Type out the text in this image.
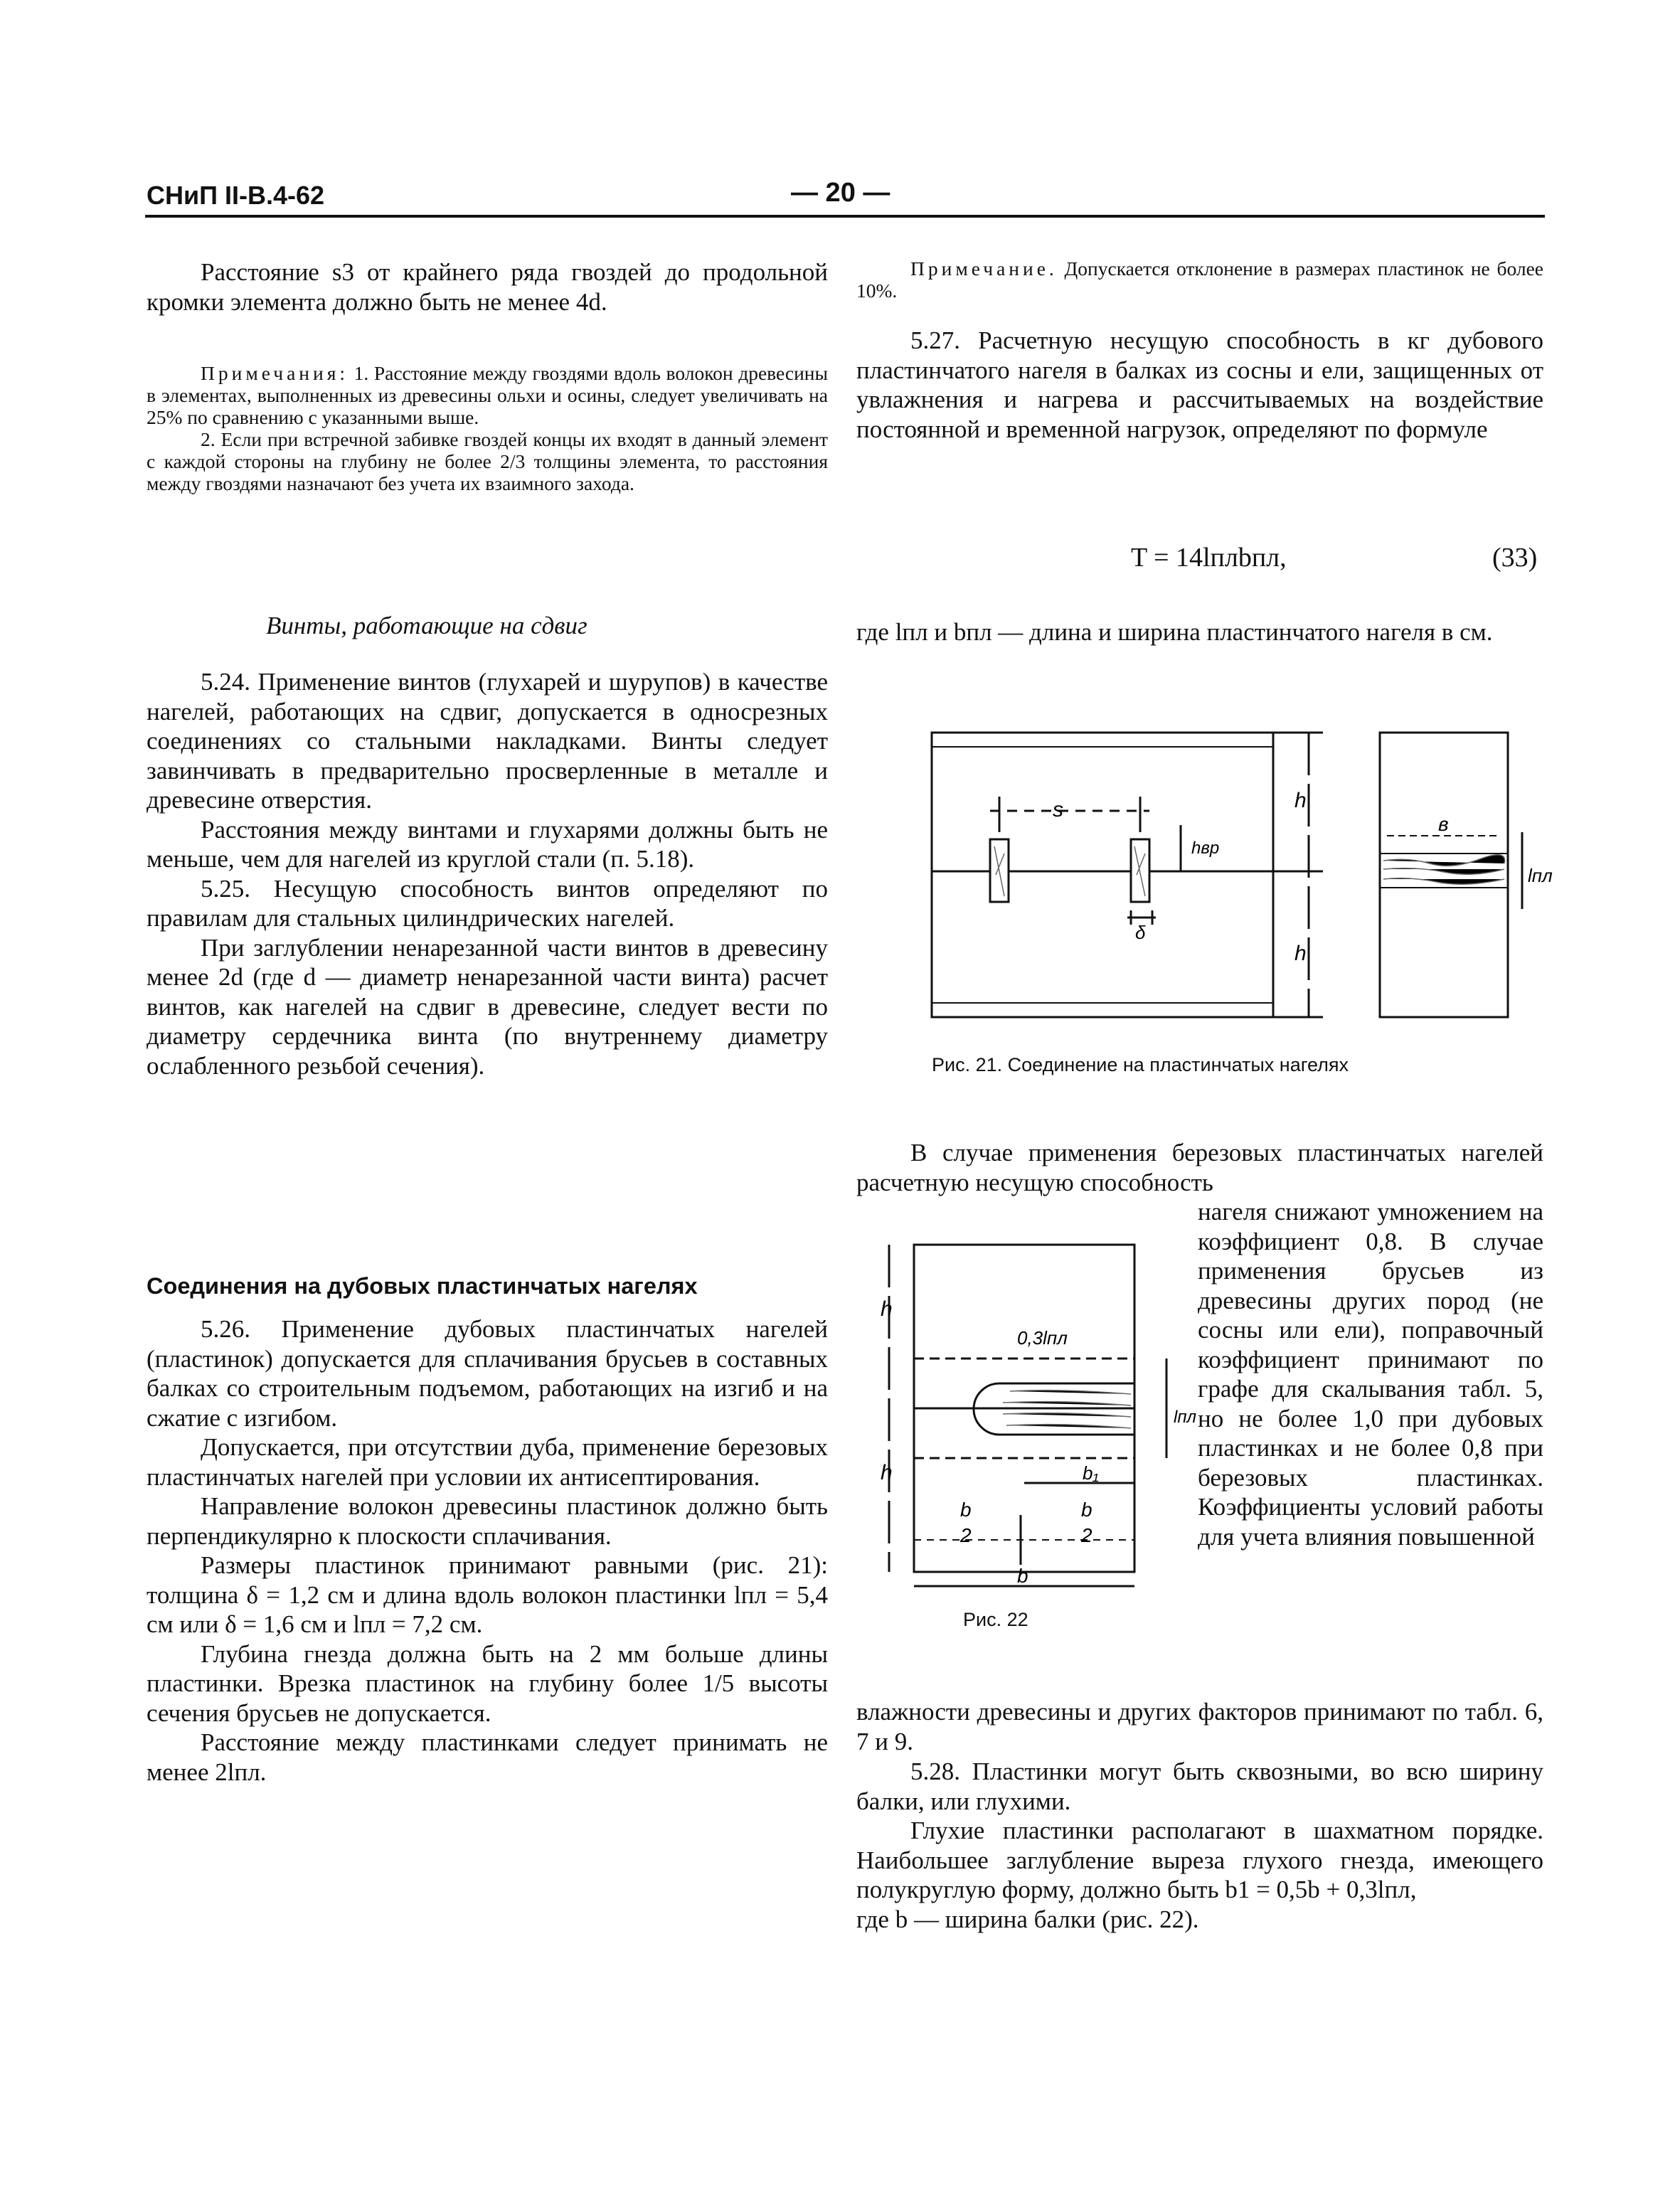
СНиП II-В.4-62	— 20 —

Расстояние s3 от крайнего ряда гвоздей до продольной кромки элемента должно быть не менее 4d.

Примечания: 1. Расстояние между гвоздями вдоль волокон древесины в элементах, выполненных из древесины ольхи и осины, следует увеличивать на 25% по сравнению с указанными выше.

2. Если при встречной забивке гвоздей концы их входят в данный элемент с каждой стороны на глубину не более 2/3 толщины элемента, то расстояния между гвоздями назначают без учета их взаимного захода.

Винты, работающие на сдвиг

5.24. Применение винтов (глухарей и шурупов) в качестве нагелей, работающих на сдвиг, допускается в односрезных соединениях со стальными накладками. Винты следует завинчивать в предварительно просверленные в металле и древесине отверстия.

Расстояния между винтами и глухарями должны быть не меньше, чем для нагелей из круглой стали (п. 5.18).

5.25. Несущую способность винтов определяют по правилам для стальных цилиндрических нагелей.

При заглублении ненарезанной части винтов в древесину менее 2d (где d — диаметр ненарезанной части винта) расчет винтов, как нагелей на сдвиг в древесине, следует вести по диаметру сердечника винта (по внутреннему диаметру ослабленного резьбой сечения).

Соединения на дубовых пластинчатых нагелях

5.26. Применение дубовых пластинчатых нагелей (пластинок) допускается для сплачивания брусьев в составных балках со строительным подъемом, работающих на изгиб и на сжатие с изгибом.

Допускается, при отсутствии дуба, применение березовых пластинчатых нагелей при условии их антисептирования.

Направление волокон древесины пластинок должно быть перпендикулярно к плоскости сплачивания.

Размеры пластинок принимают равными (рис. 21): толщина δ = 1,2 см и длина вдоль волокон пластинки lпл = 5,4 см или δ = 1,6 см и lпл = 7,2 см.

Глубина гнезда должна быть на 2 мм больше длины пластинки. Врезка пластинок на глубину более 1/5 высоты сечения брусьев не допускается.

Расстояние между пластинками следует принимать не менее 2lпл.

Примечание. Допускается отклонение в размерах пластинок не более 10%.

5.27. Расчетную несущую способность в кг дубового пластинчатого нагеля в балках из сосны и ели, защищенных от увлажнения и нагрева и рассчитываемых на воздействие постоянной и временной нагрузок, определяют по формуле

T = 14lплbпл,	(33)

где lпл и bпл — длина и ширина пластинчатого нагеля в см.

s	h
h
hвр
δ
в
lпл
Рис. 21. Соединение на пластинчатых нагелях

В случае применения березовых пластинчатых нагелей расчетную несущую способность

h
h
0,3lпл
lпл
b₁
b
2
b
2
b
Рис. 22

нагеля снижают умножением на коэффициент 0,8. В случае применения брусьев из древесины других пород (не сосны или ели), поправочный коэффициент принимают по графе для скалывания табл. 5, но не более 1,0 при дубовых пластинках и не более 0,8 при березовых пластинках. Коэффициенты условий работы для учета влияния повышенной

влажности древесины и других факторов принимают по табл. 6, 7 и 9.

5.28. Пластинки могут быть сквозными, во всю ширину балки, или глухими.

Глухие пластинки располагают в шахматном порядке. Наибольшее заглубление выреза глухого гнезда, имеющего полукруглую форму, должно быть b1 = 0,5b + 0,3lпл,

где b — ширина балки (рис. 22).
